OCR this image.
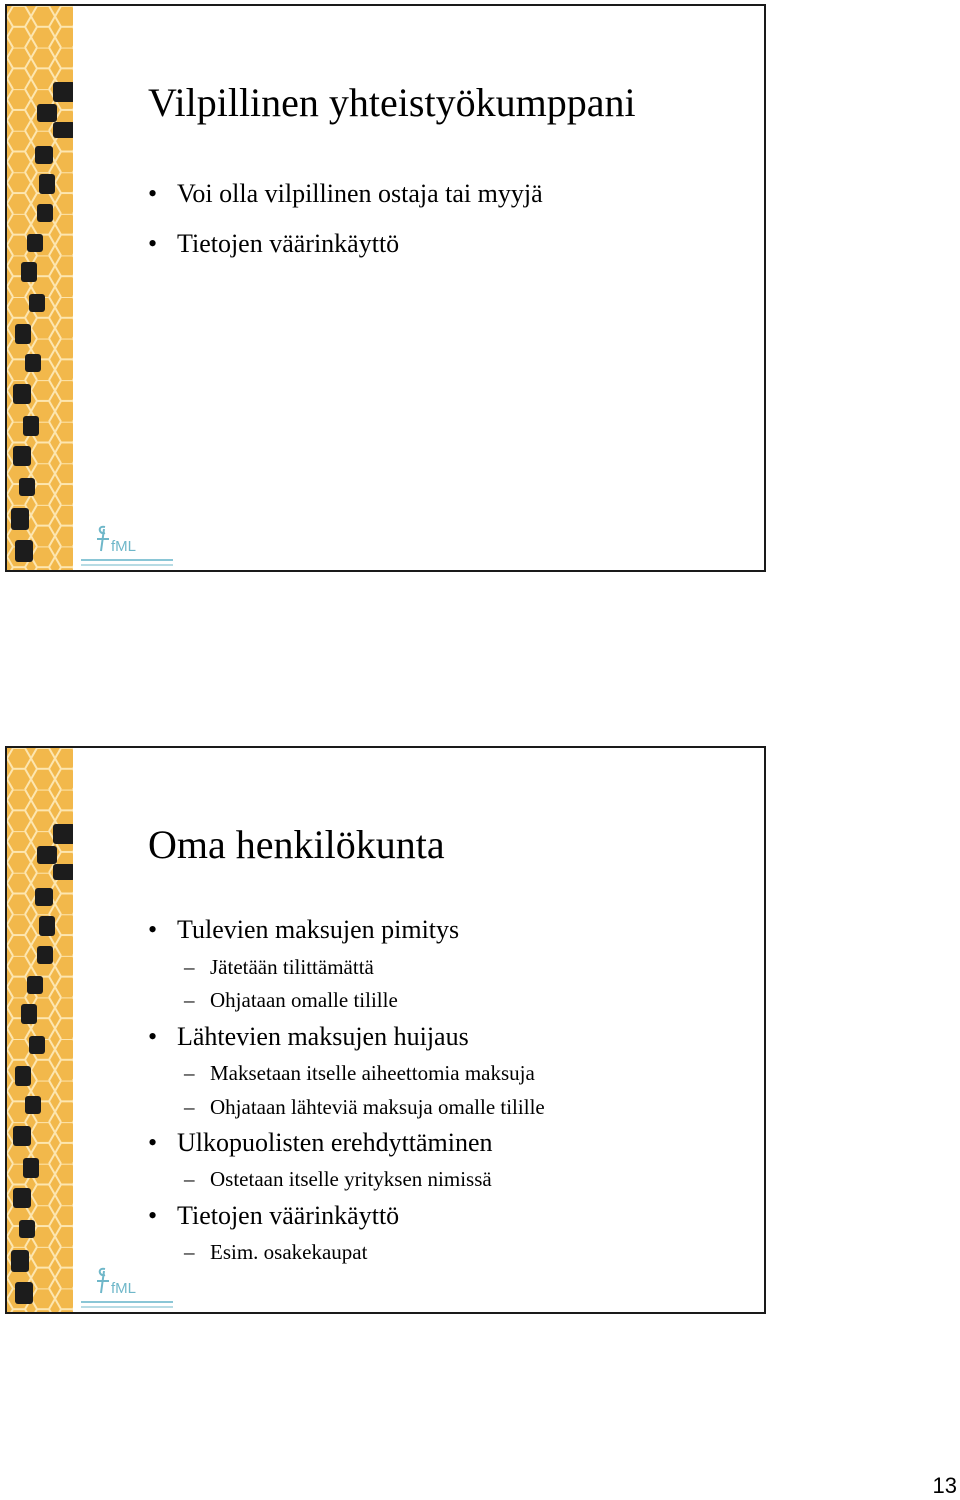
Vilpillinen yhteistyökumppani
• Voi olla vilpillinen ostaja tai myyjä
• Tietojen väärinkäyttö
fML
Oma henkilökunta
• Tulevien maksujen pimitys
– Jätetään tilittämättä
– Ohjataan omalle tilille
• Lähtevien maksujen huijaus
– Maksetaan itselle aiheettomia maksuja
– Ohjataan lähteviä maksuja omalle tilille
• Ulkopuolisten erehdyttäminen
– Ostetaan itselle yrityksen nimissä
• Tietojen väärinkäyttö
– Esim. osakekaupat
fML
13
